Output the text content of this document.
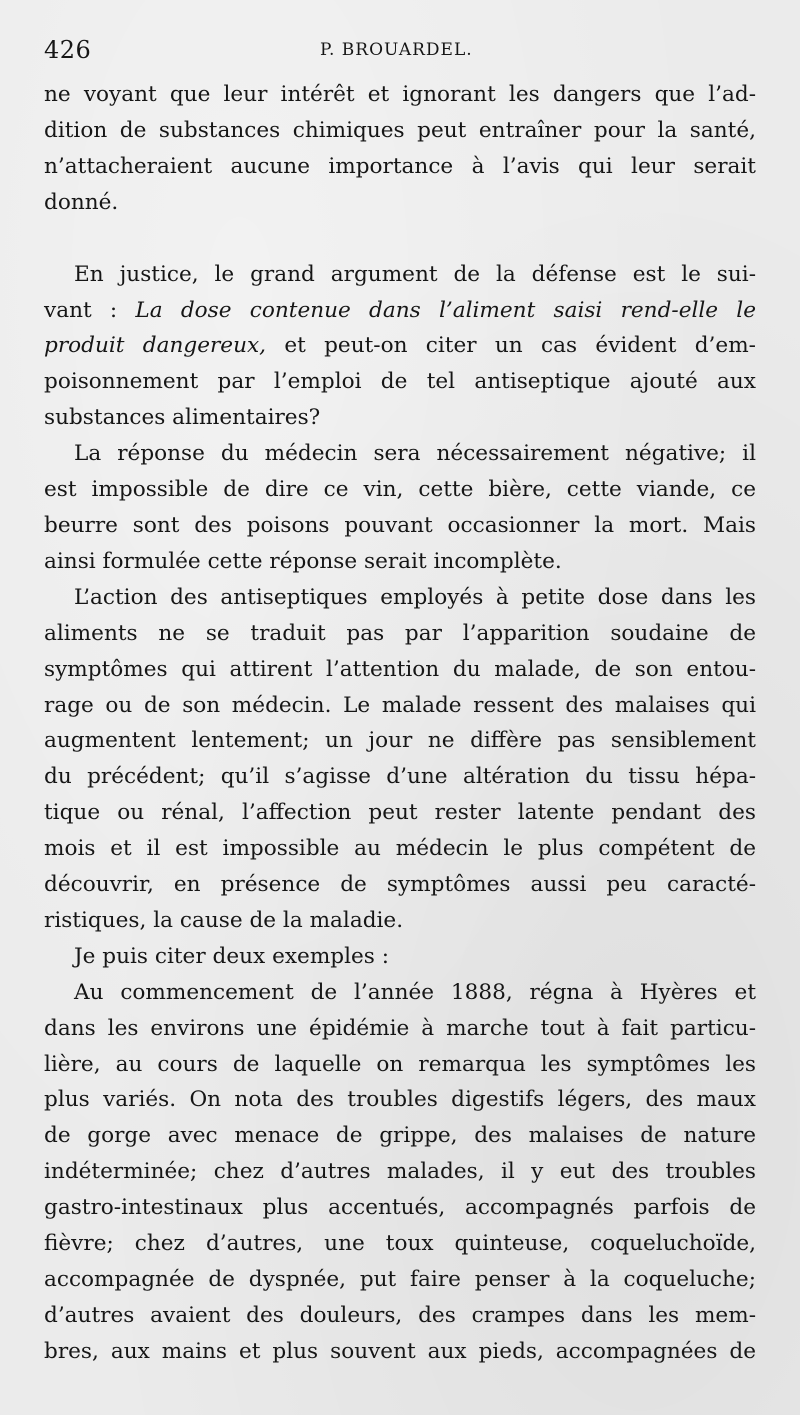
426	P. BROUARDEL.

ne voyant que leur intérêt et ignorant les dangers que l’ad-
dition de substances chimiques peut entraîner pour la santé,
n’attacheraient aucune importance à l’avis qui leur serait
donné.

En justice, le grand argument de la défense est le sui-
vant : La dose contenue dans l’aliment saisi rend-elle le
produit dangereux, et peut-on citer un cas évident d’em-
poisonnement par l’emploi de tel antiseptique ajouté aux
substances alimentaires?

La réponse du médecin sera nécessairement négative; il
est impossible de dire ce vin, cette bière, cette viande, ce
beurre sont des poisons pouvant occasionner la mort. Mais
ainsi formulée cette réponse serait incomplète.

L’action des antiseptiques employés à petite dose dans les
aliments ne se traduit pas par l’apparition soudaine de
symptômes qui attirent l’attention du malade, de son entou-
rage ou de son médecin. Le malade ressent des malaises qui
augmentent lentement; un jour ne diffère pas sensiblement
du précédent; qu’il s’agisse d’une altération du tissu hépa-
tique ou rénal, l’affection peut rester latente pendant des
mois et il est impossible au médecin le plus compétent de
découvrir, en présence de symptômes aussi peu caracté-
ristiques, la cause de la maladie.

Je puis citer deux exemples :

Au commencement de l’année 1888, régna à Hyères et
dans les environs une épidémie à marche tout à fait particu-
lière, au cours de laquelle on remarqua les symptômes les
plus variés. On nota des troubles digestifs légers, des maux
de gorge avec menace de grippe, des malaises de nature
indéterminée; chez d’autres malades, il y eut des troubles
gastro-intestinaux plus accentués, accompagnés parfois de
fièvre; chez d’autres, une toux quinteuse, coqueluchoïde,
accompagnée de dyspnée, put faire penser à la coqueluche;
d’autres avaient des douleurs, des crampes dans les mem-
bres, aux mains et plus souvent aux pieds, accompagnées de
